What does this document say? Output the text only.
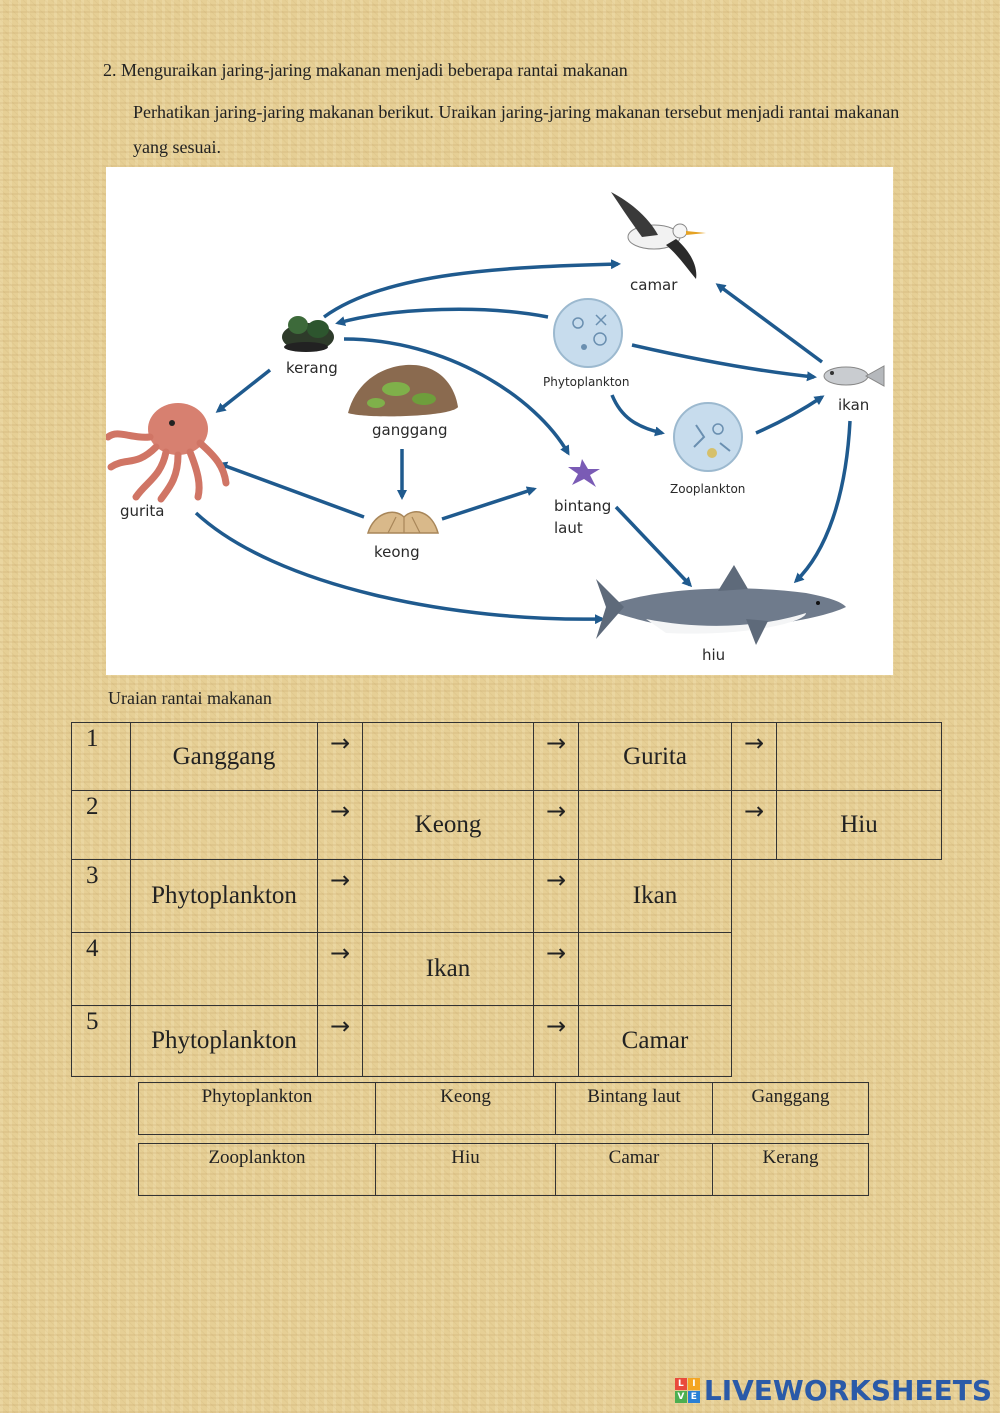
2. Menguraikan jaring-jaring makanan menjadi beberapa rantai makanan
Perhatikan jaring-jaring makanan berikut. Uraikan jaring-jaring makanan tersebut menjadi rantai makanan yang sesuai.
camar
kerang
Phytoplankton
ikan
ganggang
gurita
Zooplankton
bintang
laut
keong
hiu
Uraian rantai makanan
1	Ganggang	→		→	Gurita	→	
2		→	Keong	→		→	Hiu
3	Phytoplankton	→		→	Ikan		
4		→	Ikan	→			
5	Phytoplankton	→		→	Camar		
Phytoplankton	Keong	Bintang laut	Ganggang
Zooplankton	Hiu	Camar	Kerang
L I
V E LIVEWORKSHEETS
